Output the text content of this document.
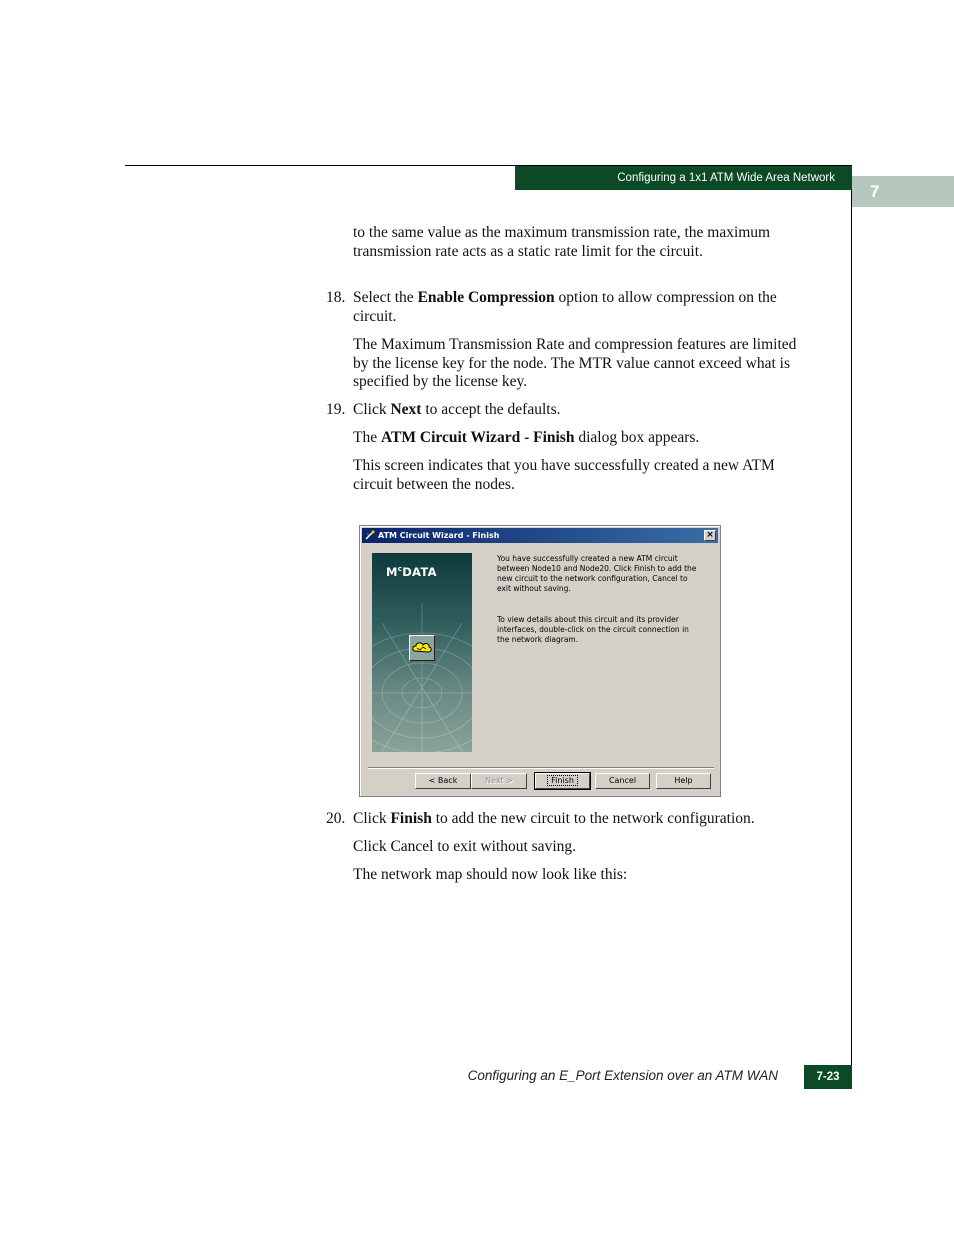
Configuring a 1x1 ATM Wide Area Network
7
to the same value as the maximum transmission rate, the maximum transmission rate acts as a static rate limit for the circuit.
18. Select the Enable Compression option to allow compression on the circuit.
The Maximum Transmission Rate and compression features are limited by the license key for the node. The MTR value cannot exceed what is specified by the license key.
19. Click Next to accept the defaults.
The ATM Circuit Wizard - Finish dialog box appears.
This screen indicates that you have successfully created a new ATM circuit between the nodes.
ATM Circuit Wizard - Finish	×
$M^cDATA$
You have successfully created a new ATM circuit between Node10 and Node20. Click Finish to add the new circuit to the network configuration, Cancel to exit without saving.
To view details about this circuit and its provider interfaces, double-click on the circuit connection in the network diagram.
< Back	Next >	Finish	Cancel	Help
20. Click Finish to add the new circuit to the network configuration.
Click Cancel to exit without saving.
The network map should now look like this:
Configuring an E_Port Extension over an ATM WAN	7-23
